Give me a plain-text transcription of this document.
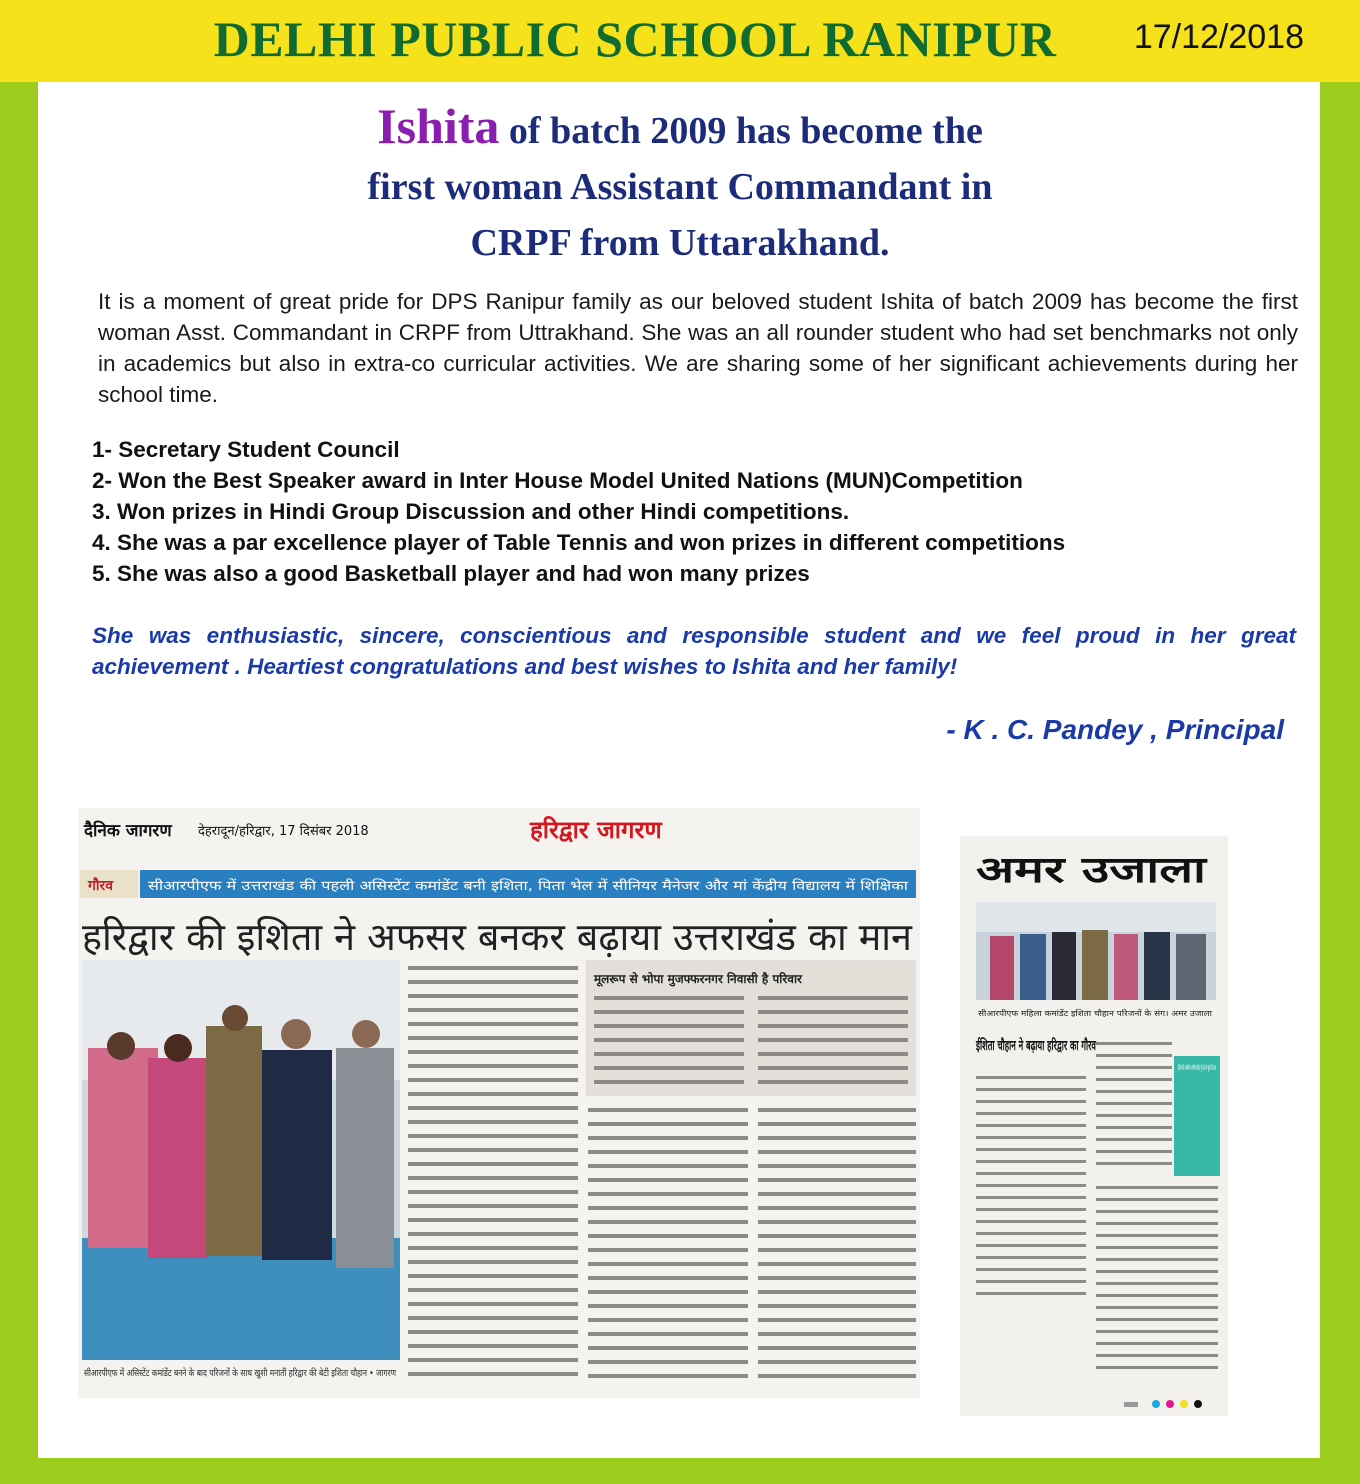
DELHI PUBLIC SCHOOL RANIPUR	17/12/2018
Ishita of batch 2009 has become the
first woman Assistant Commandant in
CRPF from Uttarakhand.

It is a moment of great pride for DPS Ranipur family as our beloved student Ishita of batch 2009 has become the first woman Asst. Commandant in CRPF from Uttrakhand. She was an all rounder student who had set benchmarks not only in academics but also in extra-co curricular activities. We are sharing some of her significant achievements during her school time.

1- Secretary Student Council
2- Won the Best Speaker award in Inter House Model United Nations (MUN)Competition
3. Won prizes in Hindi Group Discussion and other Hindi competitions.
4. She was a par excellence player of Table Tennis and won prizes in different competitions
5. She was also a good Basketball player and had won many prizes

She was enthusiastic, sincere, conscientious and responsible student and we feel proud in her great achievement . Heartiest congratulations and best wishes to Ishita and her family!

- K . C. Pandey , Principal
दैनिक जागरण देहरादून/हरिद्वार, 17 दिसंबर 2018	हरिद्वार जागरण
गौरव	सीआरपीएफ में उत्तराखंड की पहली असिस्टेंट कमांडेंट बनी इशिता, पिता भेल में सीनियर मैनेजर और मां केंद्रीय विद्यालय में शिक्षिका
हरिद्वार की इशिता ने अफसर बनकर बढ़ाया उत्तराखंड का मान
सीआरपीएफ में असिस्टेंट कमांडेंट बनने के बाद परिजनों के साथ खुशी मनातीं हरिद्वार की बेटी इशिता चौहान • जागरण
मूलरूप से भोपा मुजफ्फरनगर निवासी है परिवार
अमर उजाला
सीआरपीएफ महिला कमांडेंट इशिता चौहान परिजनों के संग। अमर उजाला
ईशिता चौहान ने बढ़ाया हरिद्वार का गौरव
